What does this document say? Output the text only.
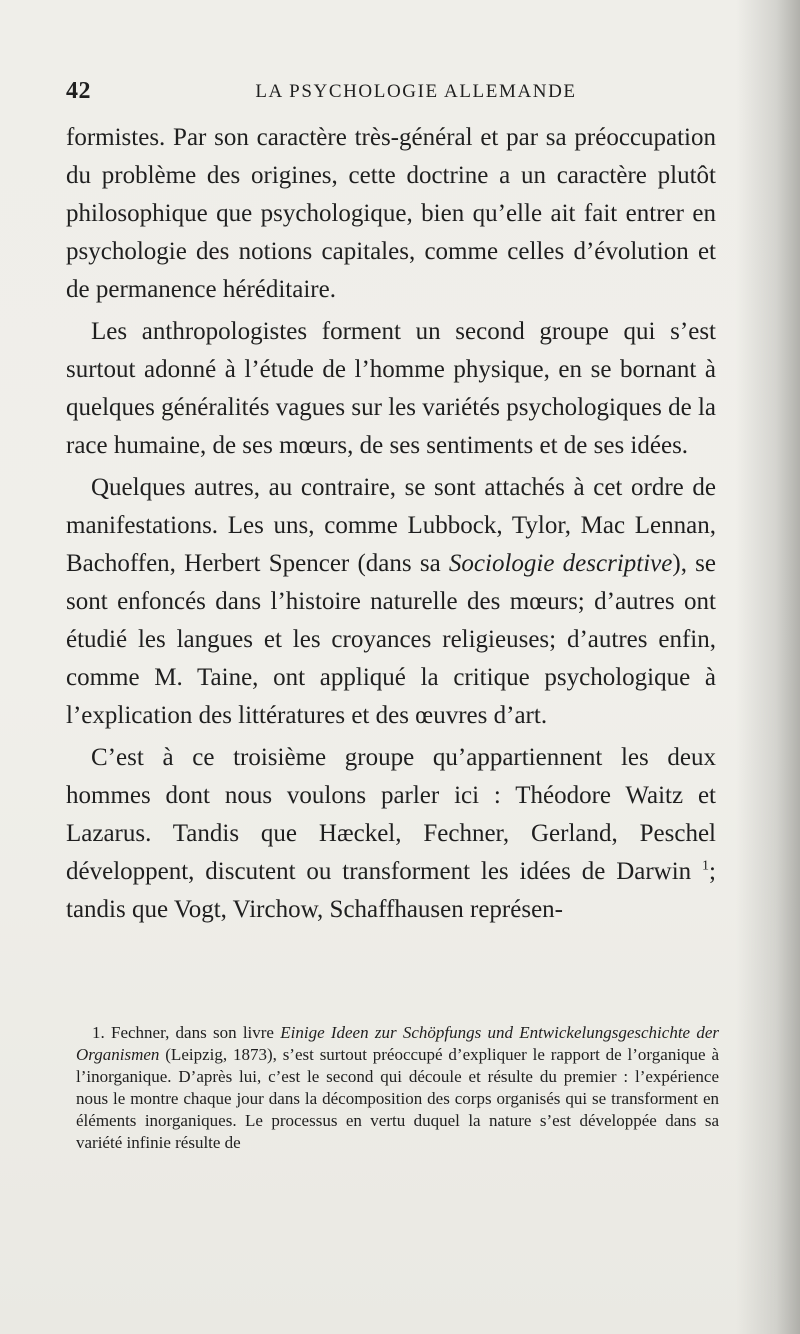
42	LA PSYCHOLOGIE ALLEMANDE

formistes. Par son caractère très-général et par sa préoccupation du problème des origines, cette doctrine a un caractère plutôt philosophique que psychologique, bien qu’elle ait fait entrer en psychologie des notions capitales, comme celles d’évolution et de permanence héréditaire.

Les anthropologistes forment un second groupe qui s’est surtout adonné à l’étude de l’homme physique, en se bornant à quelques généralités vagues sur les variétés psychologiques de la race humaine, de ses mœurs, de ses sentiments et de ses idées.

Quelques autres, au contraire, se sont attachés à cet ordre de manifestations. Les uns, comme Lubbock, Tylor, Mac Lennan, Bachoffen, Herbert Spencer (dans sa Sociologie descriptive), se sont enfoncés dans l’histoire naturelle des mœurs; d’autres ont étudié les langues et les croyances religieuses; d’autres enfin, comme M. Taine, ont appliqué la critique psychologique à l’explication des littératures et des œuvres d’art.

C’est à ce troisième groupe qu’appartiennent les deux hommes dont nous voulons parler ici : Théodore Waitz et Lazarus. Tandis que Hæckel, Fechner, Gerland, Peschel développent, discutent ou transforment les idées de Darwin $^1$; tandis que Vogt, Virchow, Schaffhausen représen-

1. Fechner, dans son livre Einige Ideen zur Schöpfungs und Entwickelungsgeschichte der Organismen (Leipzig, 1873), s’est surtout préoccupé d’expliquer le rapport de l’organique à l’inorganique. D’après lui, c’est le second qui découle et résulte du premier : l’expérience nous le montre chaque jour dans la décomposition des corps organisés qui se transforment en éléments inorganiques. Le processus en vertu duquel la nature s’est développée dans sa variété infinie résulte de
